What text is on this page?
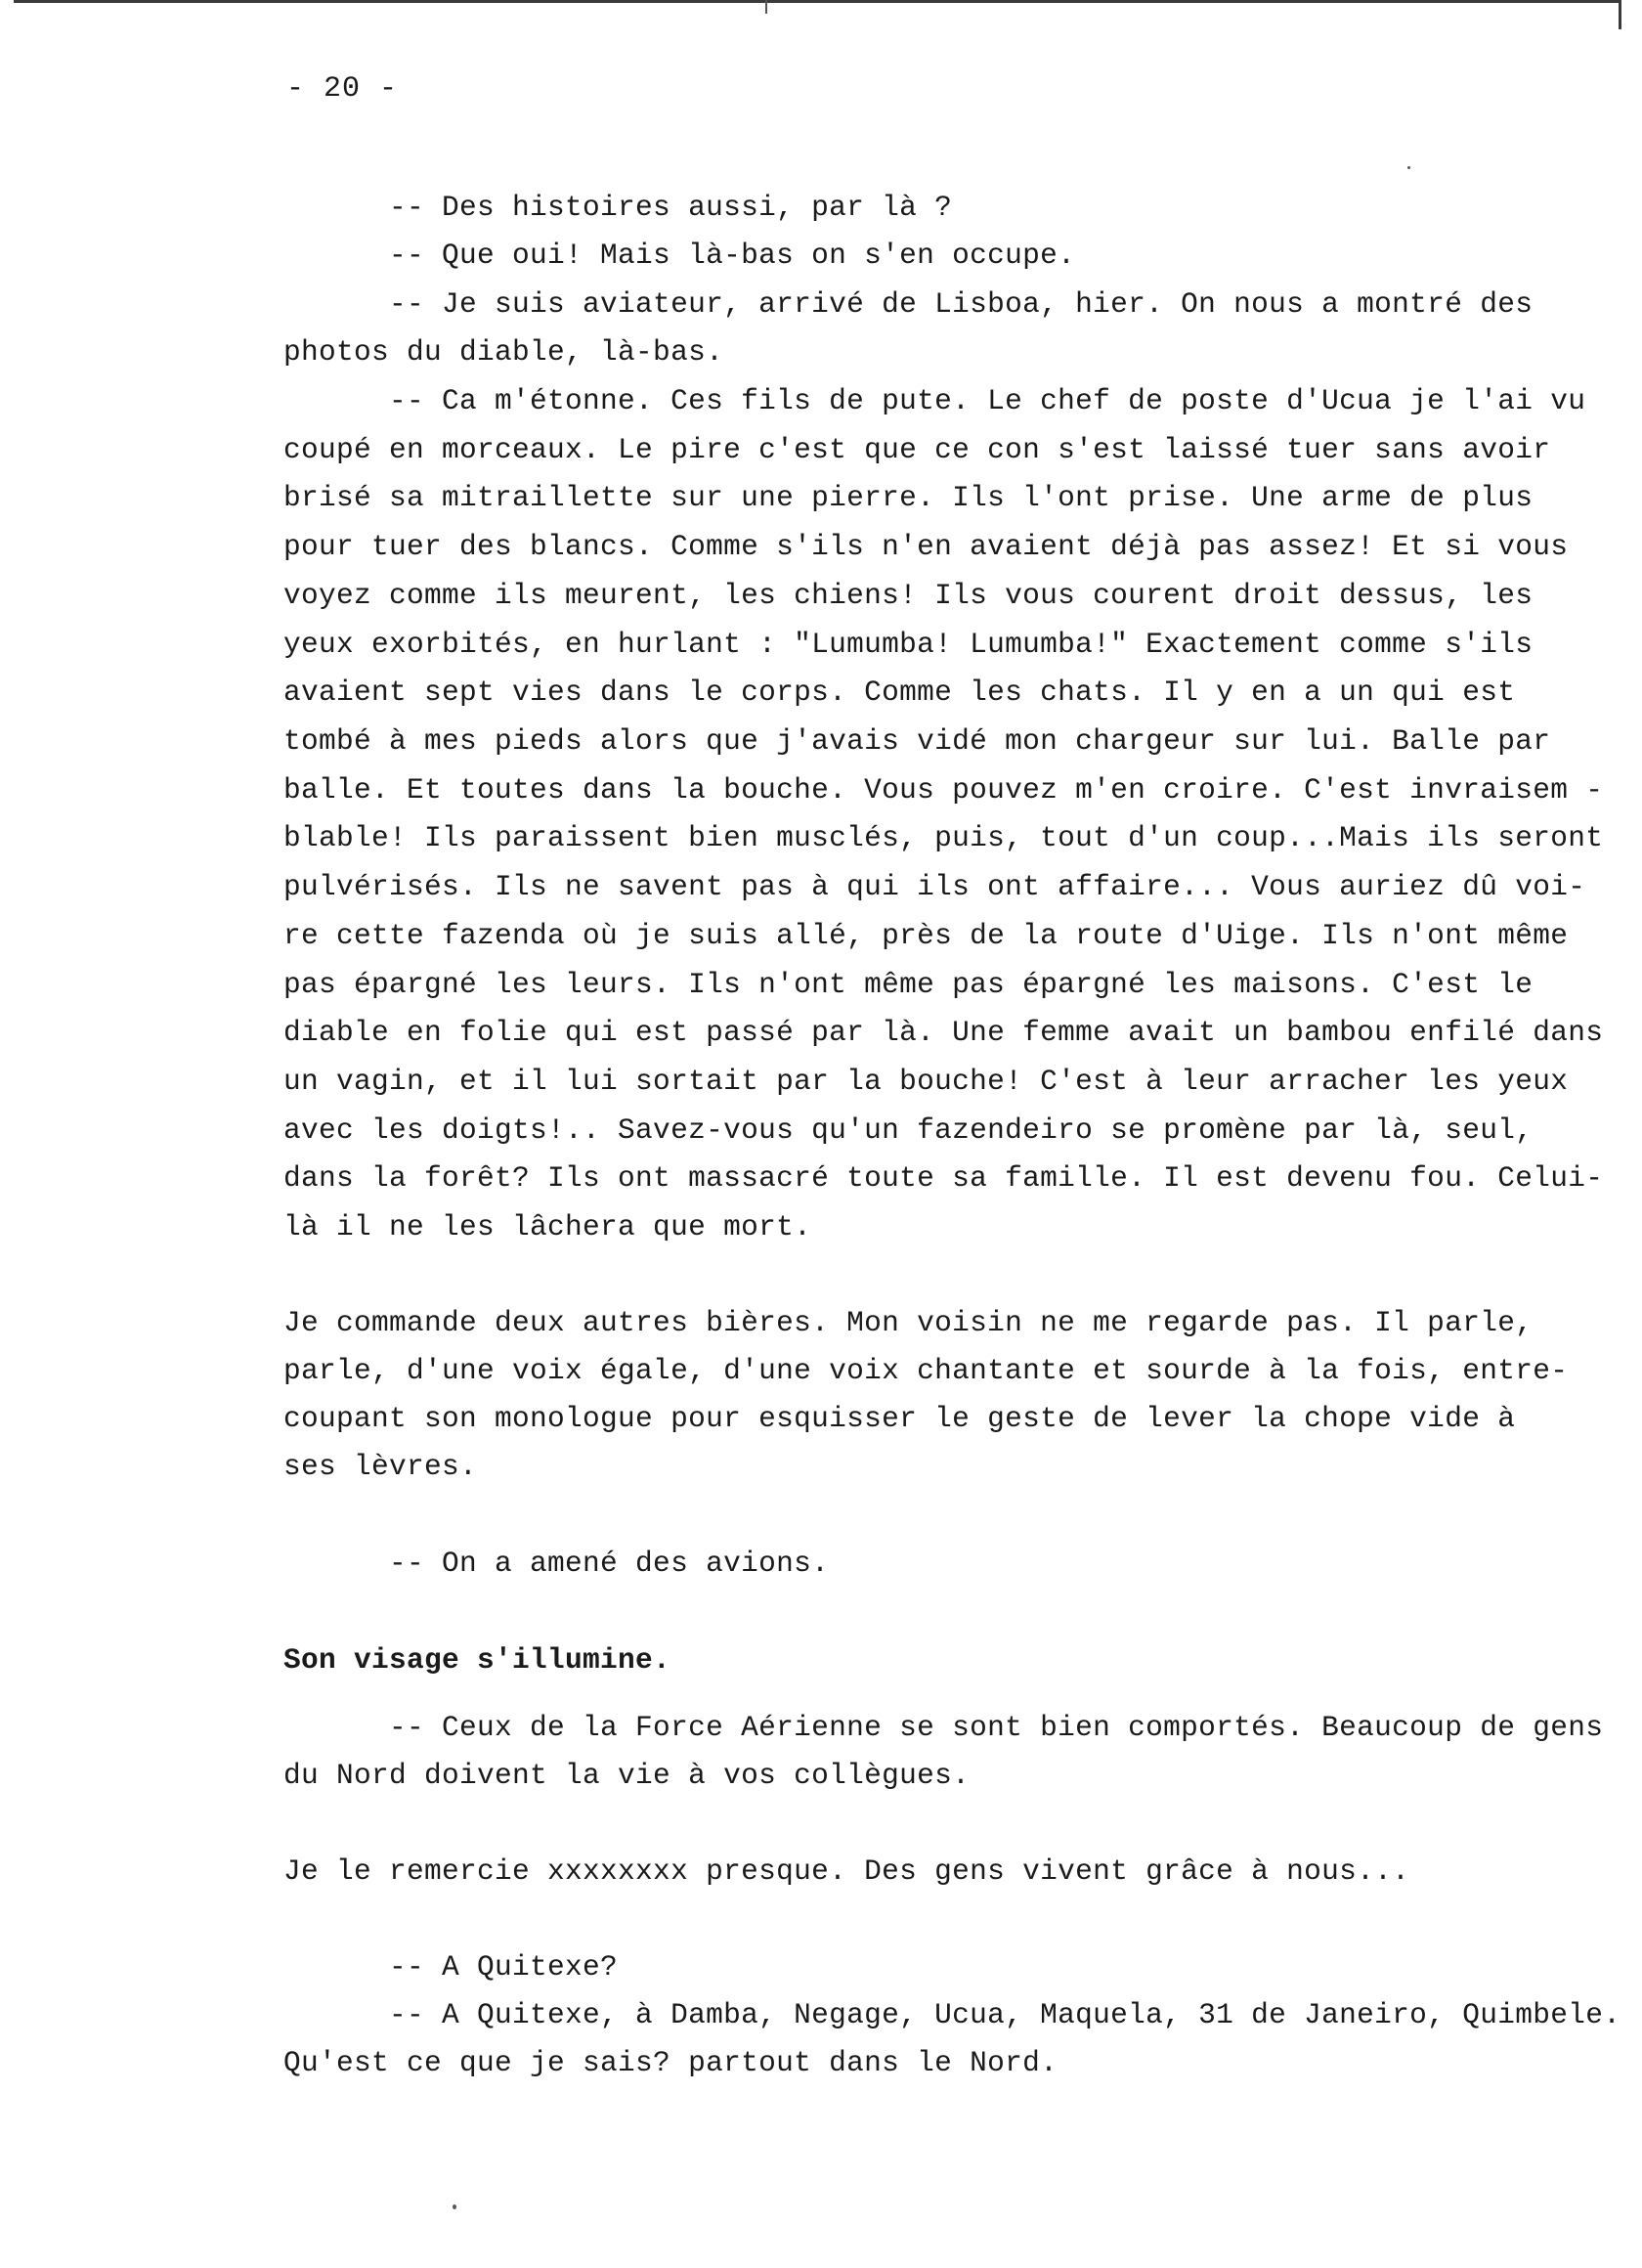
- 20 -
-- Des histoires aussi, par là ?
-- Que oui! Mais là-bas on s'en occupe.
-- Je suis aviateur, arrivé de Lisboa, hier. On nous a montré des
photos du diable, là-bas.
-- Ca m'étonne. Ces fils de pute. Le chef de poste d'Ucua je l'ai vu
coupé en morceaux. Le pire c'est que ce con s'est laissé tuer sans avoir
brisé sa mitraillette sur une pierre. Ils l'ont prise. Une arme de plus
pour tuer des blancs. Comme s'ils n'en avaient déjà pas assez! Et si vous
voyez comme ils meurent, les chiens! Ils vous courent droit dessus, les
yeux exorbités, en hurlant : "Lumumba! Lumumba!" Exactement comme s'ils
avaient sept vies dans le corps. Comme les chats. Il y en a un qui est
tombé à mes pieds alors que j'avais vidé mon chargeur sur lui. Balle par
balle. Et toutes dans la bouche. Vous pouvez m'en croire. C'est invraisem -
blable! Ils paraissent bien musclés, puis, tout d'un coup...Mais ils seront
pulvérisés. Ils ne savent pas à qui ils ont affaire... Vous auriez dû voi-
re cette fazenda où je suis allé, près de la route d'Uige. Ils n'ont même
pas épargné les leurs. Ils n'ont même pas épargné les maisons. C'est le
diable en folie qui est passé par là. Une femme avait un bambou enfilé dans
un vagin, et il lui sortait par la bouche! C'est à leur arracher les yeux
avec les doigts!.. Savez-vous qu'un fazendeiro se promène par là, seul,
dans la forêt? Ils ont massacré toute sa famille. Il est devenu fou. Celui-
là il ne les lâchera que mort.
Je commande deux autres bières. Mon voisin ne me regarde pas. Il parle,
parle, d'une voix égale, d'une voix chantante et sourde à la fois, entre-
coupant son monologue pour esquisser le geste de lever la chope vide à
ses lèvres.
-- On a amené des avions.
Son visage s'illumine.
-- Ceux de la Force Aérienne se sont bien comportés. Beaucoup de gens
du Nord doivent la vie à vos collègues.
Je le remercie xxxxxxxx presque. Des gens vivent grâce à nous...
-- A Quitexe?
-- A Quitexe, à Damba, Negage, Ucua, Maquela, 31 de Janeiro, Quimbele.
Qu'est ce que je sais? partout dans le Nord.
